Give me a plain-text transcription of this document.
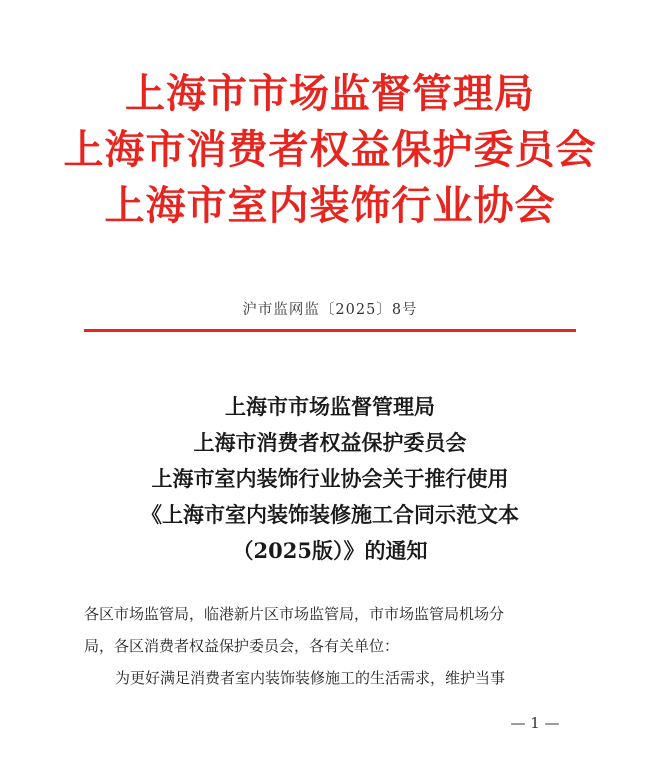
上海市市场监督管理局
上海市消费者权益保护委员会
上海市室内装饰行业协会
沪市监网监〔2025〕8号
上海市市场监督管理局
上海市消费者权益保护委员会
上海市室内装饰行业协会关于推行使用
《上海市室内装饰装修施工合同示范文本
（2025版）》的通知
各区市场监管局，临港新片区市场监管局，市市场监管局机场分
局，各区消费者权益保护委员会，各有关单位：
为更好满足消费者室内装饰装修施工的生活需求，维护当事
— 1 —
